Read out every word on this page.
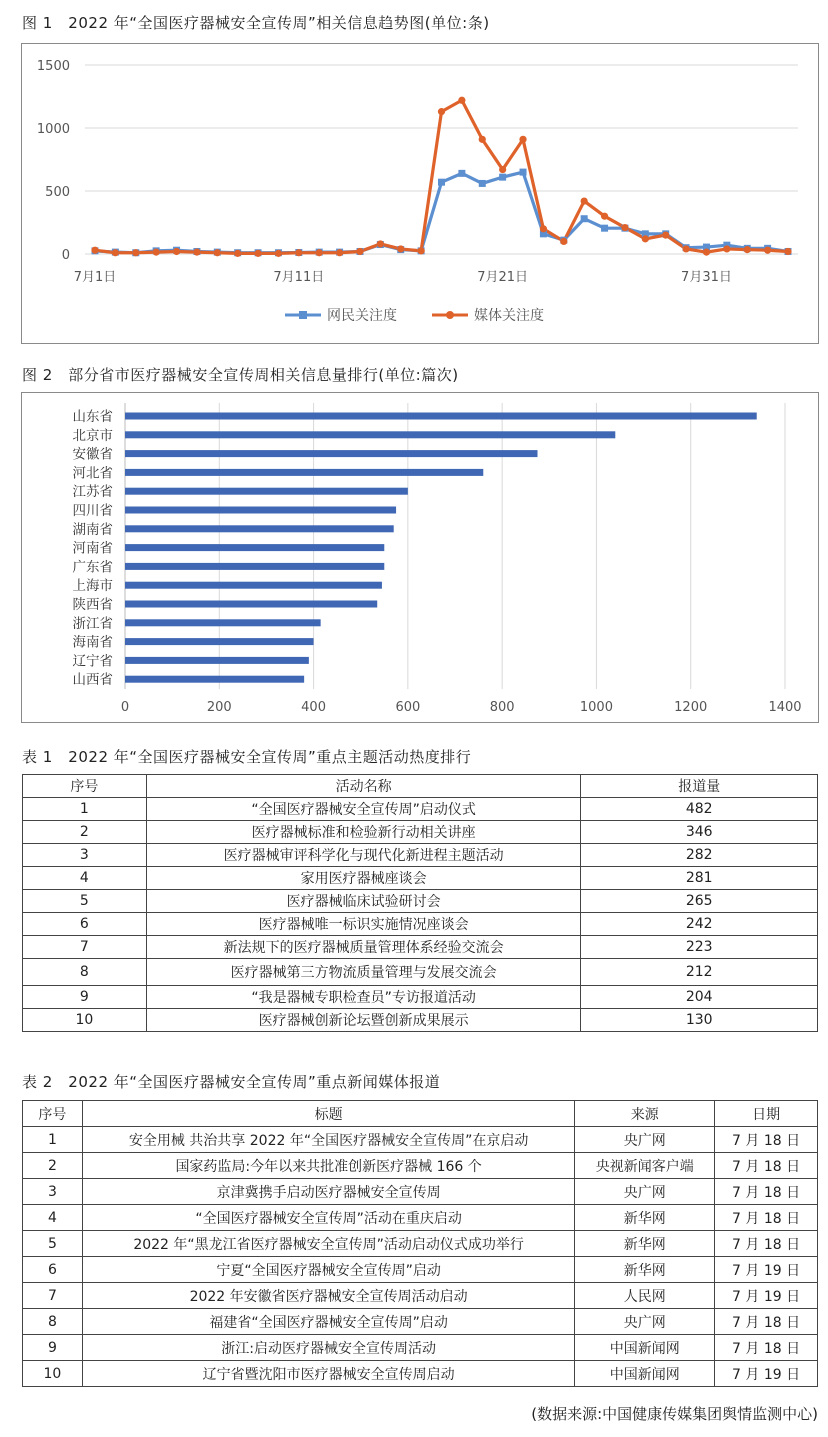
图 1　2022 年“全国医疗器械安全宣传周”相关信息趋势图(单位:条)
0
500
1000
1500
7月1日	7月11日	7月21日	7月31日
网民关注度	媒体关注度
图 2　部分省市医疗器械安全宣传周相关信息量排行(单位:篇次)
0	200	400	600	800	1000	1200	1400
山东省
北京市
安徽省
河北省
江苏省
四川省
湖南省
河南省
广东省
上海市
陕西省
浙江省
海南省
辽宁省
山西省
表 1　2022 年“全国医疗器械安全宣传周”重点主题活动热度排行
序号	活动名称	报道量
1	“全国医疗器械安全宣传周”启动仪式	482
2	医疗器械标准和检验新行动相关讲座	346
3	医疗器械审评科学化与现代化新进程主题活动	282
4	家用医疗器械座谈会	281
5	医疗器械临床试验研讨会	265
6	医疗器械唯一标识实施情况座谈会	242
7	新法规下的医疗器械质量管理体系经验交流会	223
8	医疗器械第三方物流质量管理与发展交流会	212
9	“我是器械专职检查员”专访报道活动	204
10	医疗器械创新论坛暨创新成果展示	130
表 2　2022 年“全国医疗器械安全宣传周”重点新闻媒体报道
序号	标题	来源	日期
1	安全用械 共治共享 2022 年“全国医疗器械安全宣传周”在京启动	央广网	7 月 18 日
2	国家药监局:今年以来共批准创新医疗器械 166 个	央视新闻客户端	7 月 18 日
3	京津冀携手启动医疗器械安全宣传周	央广网	7 月 18 日
4	“全国医疗器械安全宣传周”活动在重庆启动	新华网	7 月 18 日
5	2022 年“黑龙江省医疗器械安全宣传周”活动启动仪式成功举行	新华网	7 月 18 日
6	宁夏“全国医疗器械安全宣传周”启动	新华网	7 月 19 日
7	2022 年安徽省医疗器械安全宣传周活动启动	人民网	7 月 19 日
8	福建省“全国医疗器械安全宣传周”启动	央广网	7 月 18 日
9	浙江:启动医疗器械安全宣传周活动	中国新闻网	7 月 18 日
10	辽宁省暨沈阳市医疗器械安全宣传周启动	中国新闻网	7 月 19 日
(数据来源:中国健康传媒集团舆情监测中心)
